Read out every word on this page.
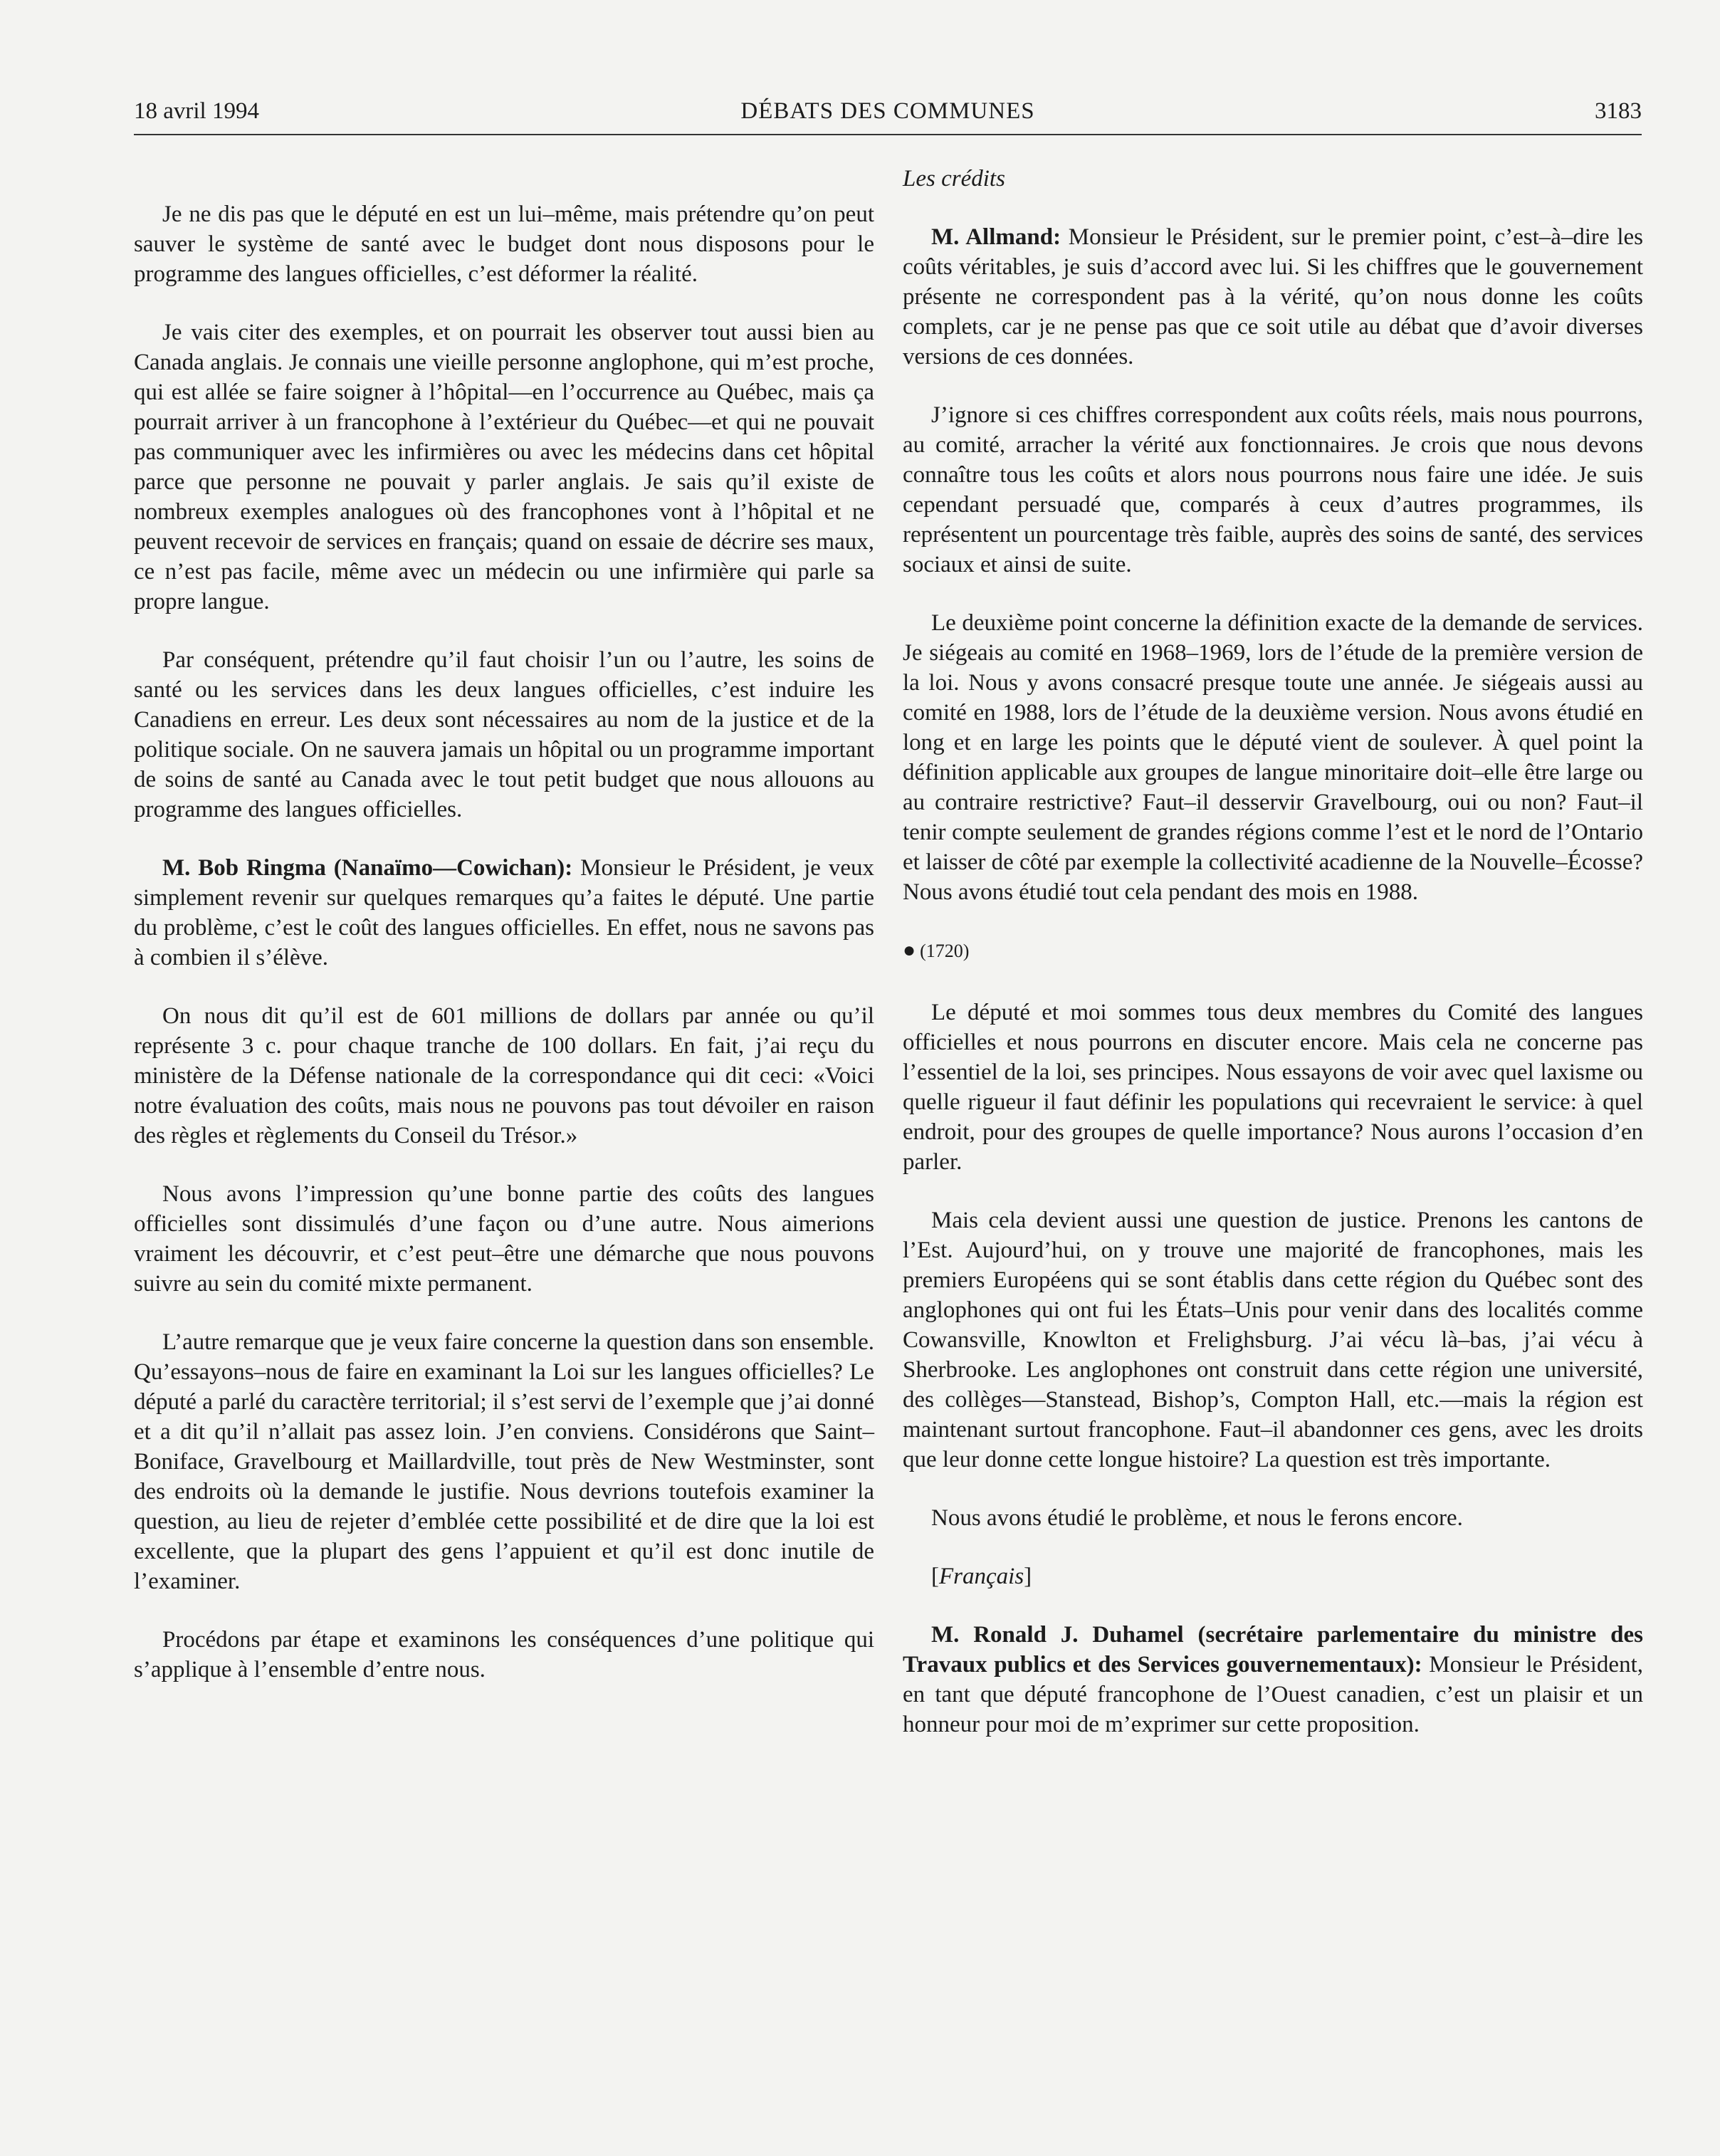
18 avril 1994	DÉBATS DES COMMUNES	3183

Je ne dis pas que le député en est un lui–même, mais prétendre qu’on peut sauver le système de santé avec le budget dont nous disposons pour le programme des langues officielles, c’est déformer la réalité.

Je vais citer des exemples, et on pourrait les observer tout aussi bien au Canada anglais. Je connais une vieille personne anglophone, qui m’est proche, qui est allée se faire soigner à l’hôpital—en l’occurrence au Québec, mais ça pourrait arriver à un francophone à l’extérieur du Québec—et qui ne pouvait pas communiquer avec les infirmières ou avec les médecins dans cet hôpital parce que personne ne pouvait y parler anglais. Je sais qu’il existe de nombreux exemples analogues où des francophones vont à l’hôpital et ne peuvent recevoir de services en français; quand on essaie de décrire ses maux, ce n’est pas facile, même avec un médecin ou une infirmière qui parle sa propre langue.

Par conséquent, prétendre qu’il faut choisir l’un ou l’autre, les soins de santé ou les services dans les deux langues officielles, c’est induire les Canadiens en erreur. Les deux sont nécessaires au nom de la justice et de la politique sociale. On ne sauvera jamais un hôpital ou un programme important de soins de santé au Canada avec le tout petit budget que nous allouons au programme des langues officielles.

M. Bob Ringma (Nanaïmo—Cowichan): Monsieur le Président, je veux simplement revenir sur quelques remarques qu’a faites le député. Une partie du problème, c’est le coût des langues officielles. En effet, nous ne savons pas à combien il s’élève.

On nous dit qu’il est de 601 millions de dollars par année ou qu’il représente 3 c. pour chaque tranche de 100 dollars. En fait, j’ai reçu du ministère de la Défense nationale de la correspondance qui dit ceci: «Voici notre évaluation des coûts, mais nous ne pouvons pas tout dévoiler en raison des règles et règlements du Conseil du Trésor.»

Nous avons l’impression qu’une bonne partie des coûts des langues officielles sont dissimulés d’une façon ou d’une autre. Nous aimerions vraiment les découvrir, et c’est peut–être une démarche que nous pouvons suivre au sein du comité mixte permanent.

L’autre remarque que je veux faire concerne la question dans son ensemble. Qu’essayons–nous de faire en examinant la Loi sur les langues officielles? Le député a parlé du caractère territorial; il s’est servi de l’exemple que j’ai donné et a dit qu’il n’allait pas assez loin. J’en conviens. Considérons que Saint–Boniface, Gravelbourg et Maillardville, tout près de New Westminster, sont des endroits où la demande le justifie. Nous devrions toutefois examiner la question, au lieu de rejeter d’emblée cette possibilité et de dire que la loi est excellente, que la plupart des gens l’appuient et qu’il est donc inutile de l’examiner.

Procédons par étape et examinons les conséquences d’une politique qui s’applique à l’ensemble d’entre nous.

Les crédits

M. Allmand: Monsieur le Président, sur le premier point, c’est–à–dire les coûts véritables, je suis d’accord avec lui. Si les chiffres que le gouvernement présente ne correspondent pas à la vérité, qu’on nous donne les coûts complets, car je ne pense pas que ce soit utile au débat que d’avoir diverses versions de ces données.

J’ignore si ces chiffres correspondent aux coûts réels, mais nous pourrons, au comité, arracher la vérité aux fonctionnaires. Je crois que nous devons connaître tous les coûts et alors nous pourrons nous faire une idée. Je suis cependant persuadé que, comparés à ceux d’autres programmes, ils représentent un pourcentage très faible, auprès des soins de santé, des services sociaux et ainsi de suite.

Le deuxième point concerne la définition exacte de la demande de services. Je siégeais au comité en 1968–1969, lors de l’étude de la première version de la loi. Nous y avons consacré presque toute une année. Je siégeais aussi au comité en 1988, lors de l’étude de la deuxième version. Nous avons étudié en long et en large les points que le député vient de soulever. À quel point la définition applicable aux groupes de langue minoritaire doit–elle être large ou au contraire restrictive? Faut–il desservir Gravelbourg, oui ou non? Faut–il tenir compte seulement de grandes régions comme l’est et le nord de l’Ontario et laisser de côté par exemple la collectivité acadienne de la Nouvelle–Écosse? Nous avons étudié tout cela pendant des mois en 1988.

● (1720)

Le député et moi sommes tous deux membres du Comité des langues officielles et nous pourrons en discuter encore. Mais cela ne concerne pas l’essentiel de la loi, ses principes. Nous essayons de voir avec quel laxisme ou quelle rigueur il faut définir les populations qui recevraient le service: à quel endroit, pour des groupes de quelle importance? Nous aurons l’occasion d’en parler.

Mais cela devient aussi une question de justice. Prenons les cantons de l’Est. Aujourd’hui, on y trouve une majorité de francophones, mais les premiers Européens qui se sont établis dans cette région du Québec sont des anglophones qui ont fui les États–Unis pour venir dans des localités comme Cowansville, Knowlton et Frelighsburg. J’ai vécu là–bas, j’ai vécu à Sherbrooke. Les anglophones ont construit dans cette région une université, des collèges—Stanstead, Bishop’s, Compton Hall, etc.—mais la région est maintenant surtout francophone. Faut–il abandonner ces gens, avec les droits que leur donne cette longue histoire? La question est très importante.

Nous avons étudié le problème, et nous le ferons encore.

[Français]

M. Ronald J. Duhamel (secrétaire parlementaire du ministre des Travaux publics et des Services gouvernementaux): Monsieur le Président, en tant que député francophone de l’Ouest canadien, c’est un plaisir et un honneur pour moi de m’exprimer sur cette proposition.
